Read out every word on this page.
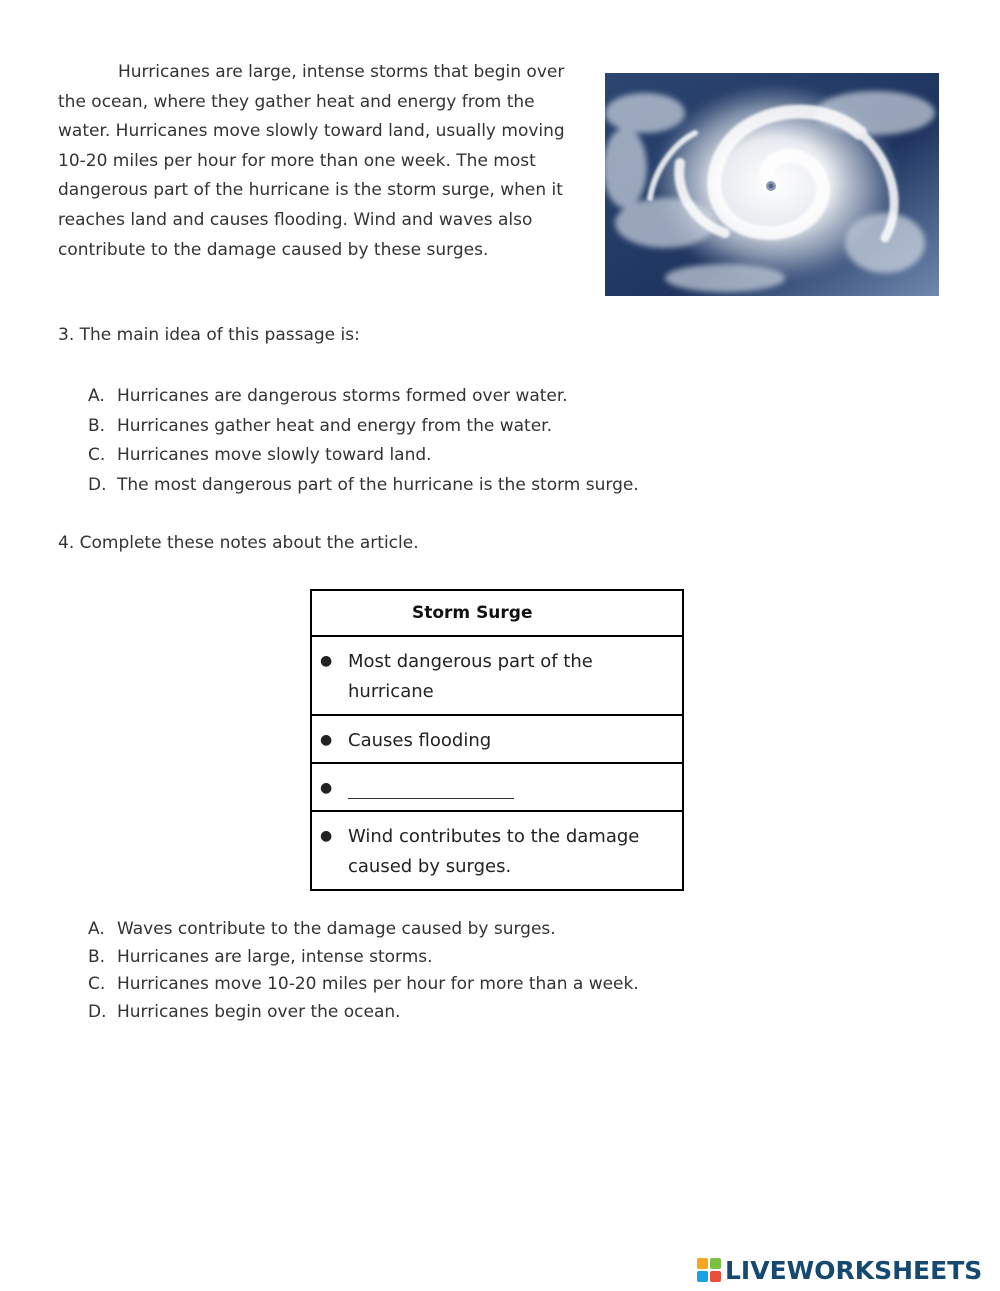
Hurricanes are large, intense storms that begin over
the ocean, where they gather heat and energy from the
water. Hurricanes move slowly toward land, usually moving
10-20 miles per hour for more than one week. The most
dangerous part of the hurricane is the storm surge, when it
reaches land and causes flooding. Wind and waves also
contribute to the damage caused by these surges.
3. The main idea of this passage is:
A. Hurricanes are dangerous storms formed over water.
B. Hurricanes gather heat and energy from the water.
C. Hurricanes move slowly toward land.
D. The most dangerous part of the hurricane is the storm surge.
4. Complete these notes about the article.
Storm Surge

● Most dangerous part of the
hurricane

● Causes flooding

●

● Wind contributes to the damage
caused by surges.
A. Waves contribute to the damage caused by surges.
B. Hurricanes are large, intense storms.
C. Hurricanes move 10-20 miles per hour for more than a week.
D. Hurricanes begin over the ocean.
LIVEWORKSHEETS
